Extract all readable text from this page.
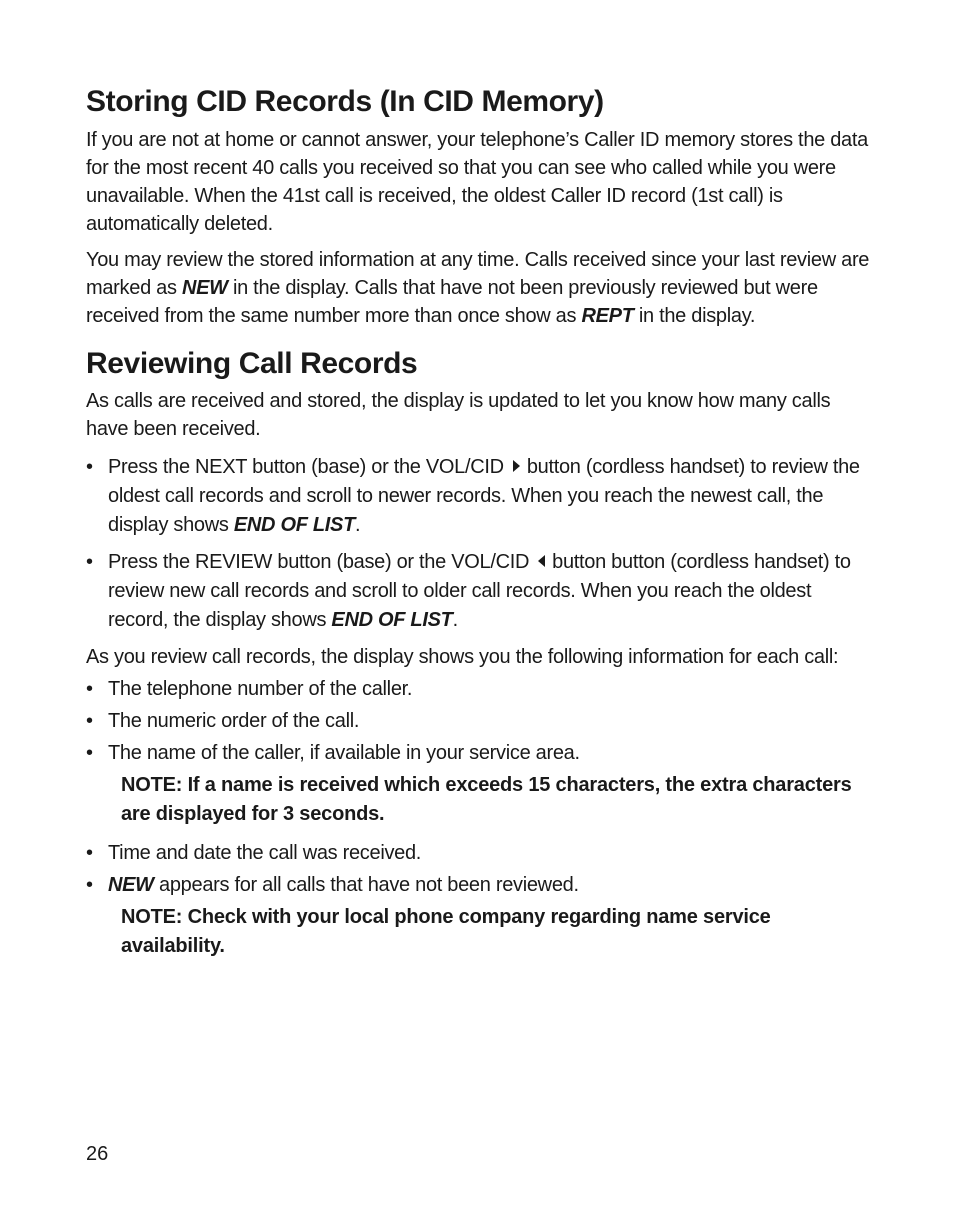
Storing CID Records (In CID Memory)

If you are not at home or cannot answer, your telephone’s Caller ID memory stores the data for the most recent 40 calls you received so that you can see who called while you were unavailable. When the 41st call is received, the oldest Caller ID record (1st call) is automatically deleted.

You may review the stored information at any time. Calls received since your last review are marked as NEW in the display. Calls that have not been previously reviewed but were received from the same number more than once show as REPT in the display.

Reviewing Call Records

As calls are received and stored, the display is updated to let you know how many calls have been received.

• Press the NEXT button (base) or the VOL/CID button (cordless handset) to review the oldest call records and scroll to newer records. When you reach the newest call, the display shows END OF LIST.
• Press the REVIEW button (base) or the VOL/CID button button (cordless handset) to review new call records and scroll to older call records. When you reach the oldest record, the display shows END OF LIST.

As you review call records, the display shows you the following information for each call:

• The telephone number of the caller.
• The numeric order of the call.
• The name of the caller, if available in your service area.
NOTE: If a name is received which exceeds 15 characters, the extra characters are displayed for 3 seconds.
• Time and date the call was received.
• NEW appears for all calls that have not been reviewed.
NOTE: Check with your local phone company regarding name service availability.
26
